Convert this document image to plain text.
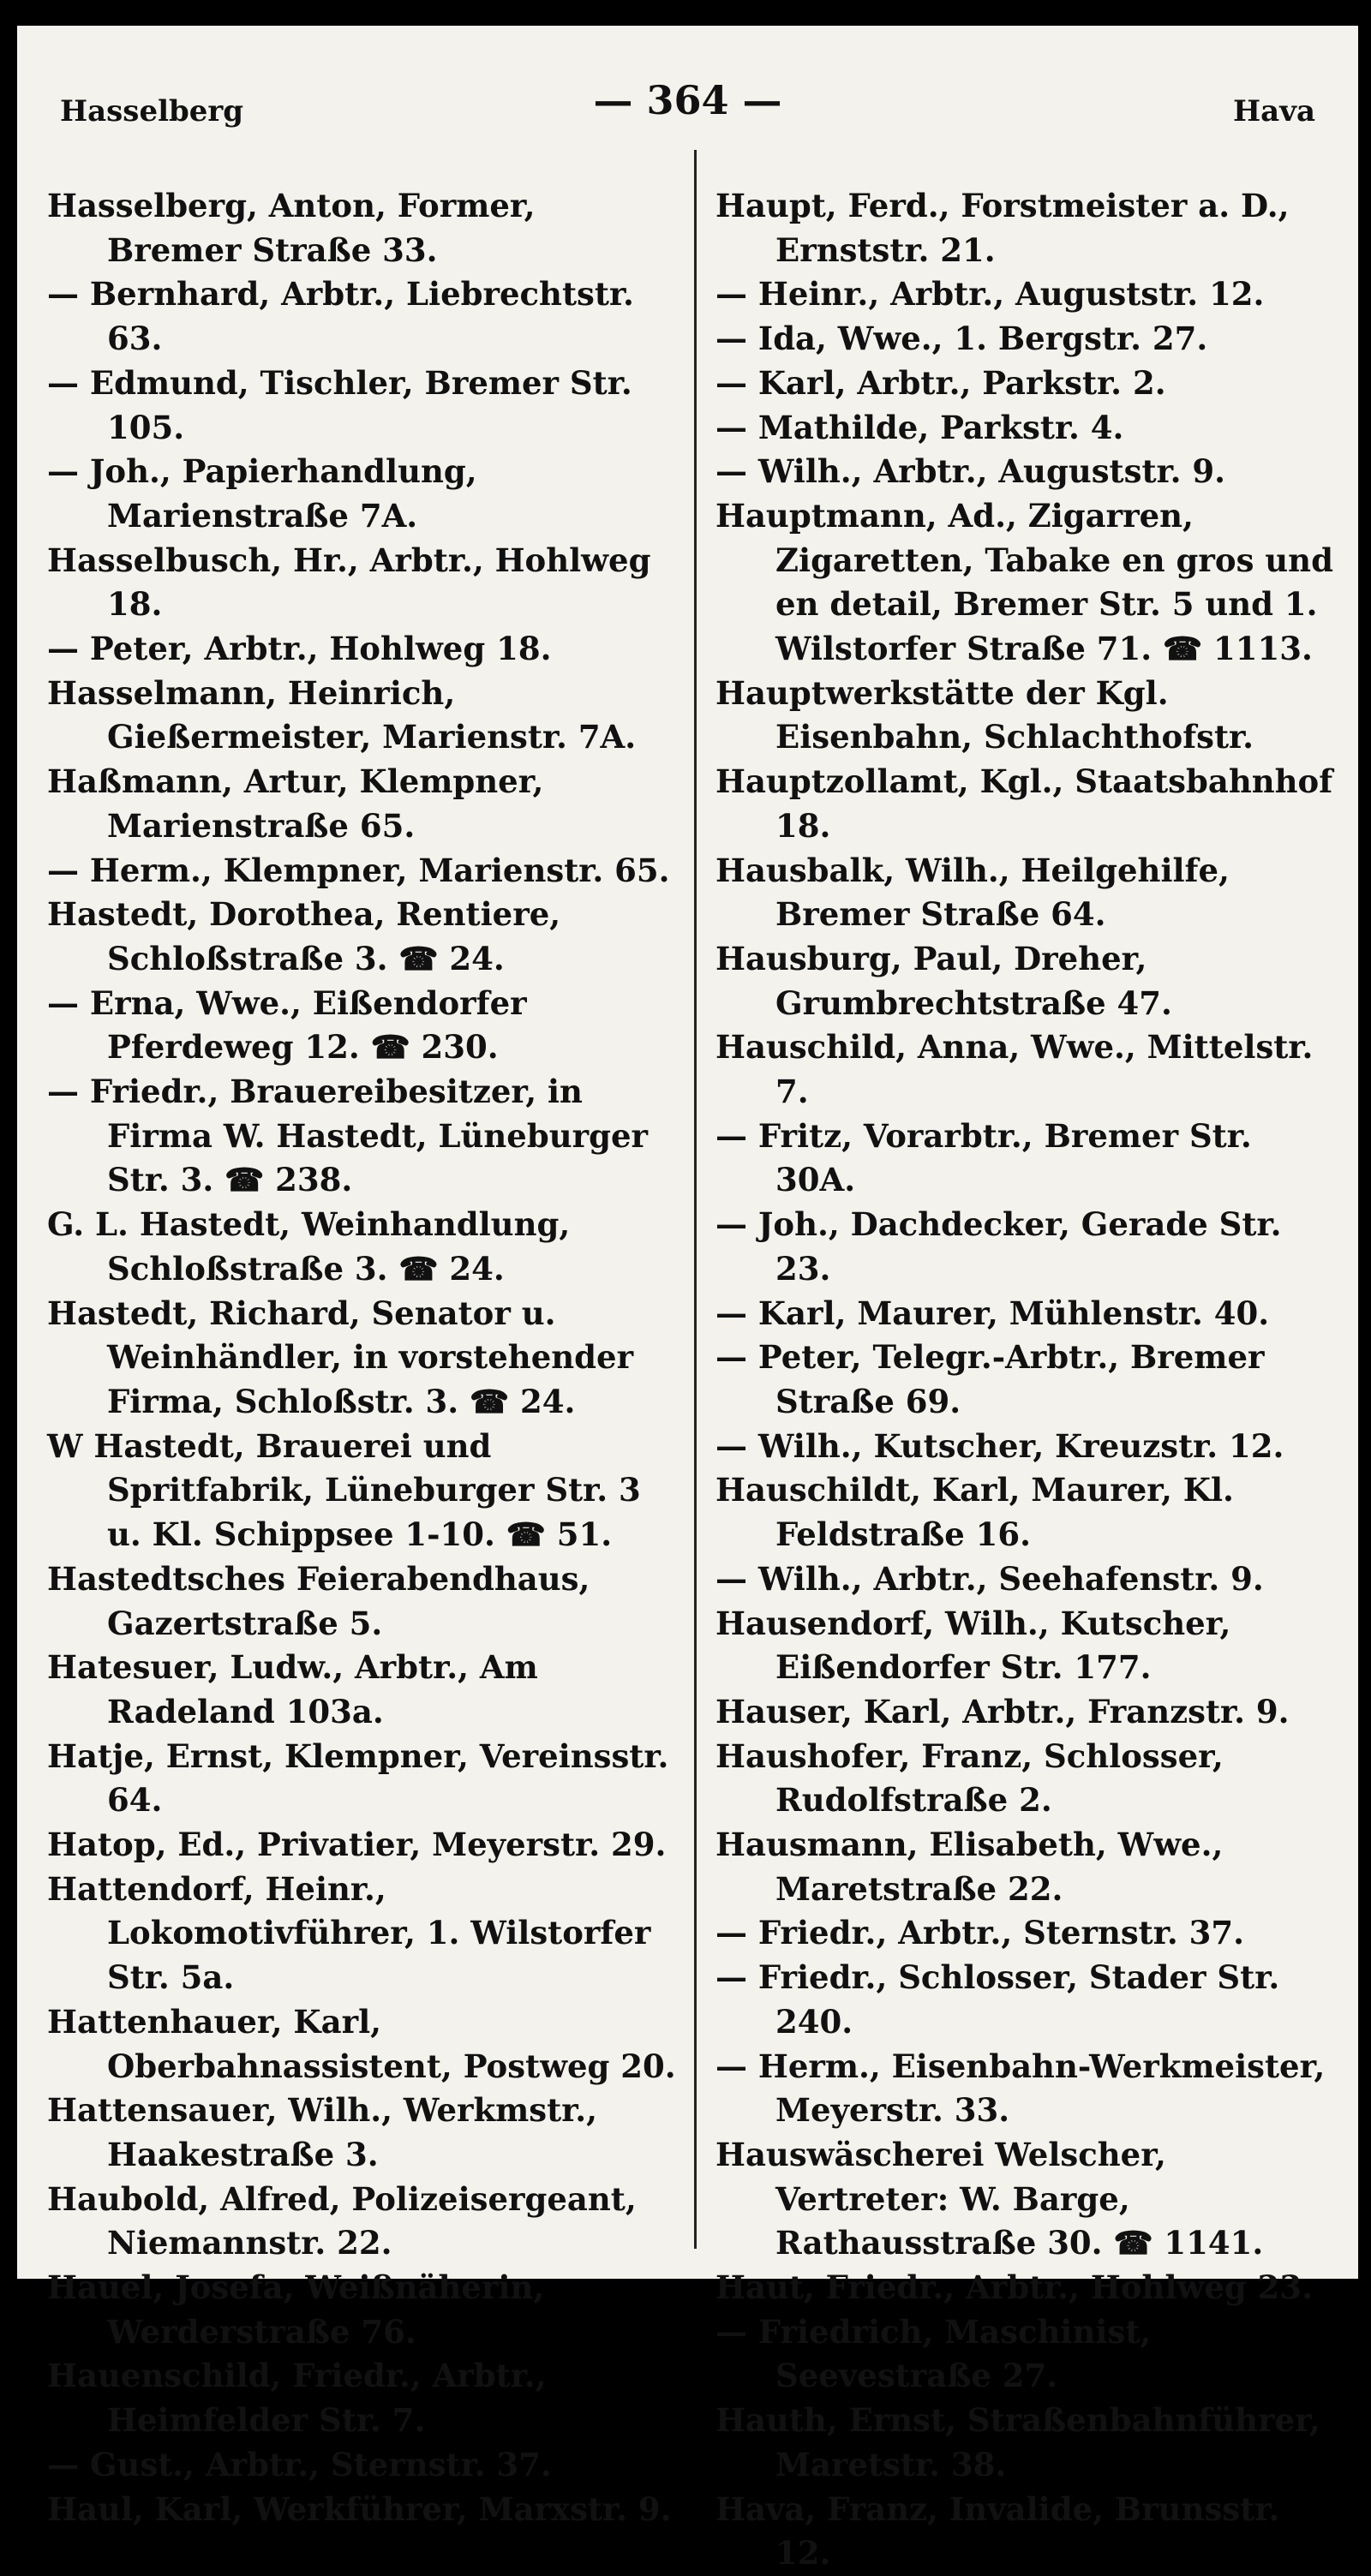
Hasselberg	— 364 —	Hava

Hasselberg, Anton, Former, Bremer Straße 33.

— Bernhard, Arbtr., Liebrechtstr. 63.

— Edmund, Tischler, Bremer Str. 105.

— Joh., Papierhandlung, Marienstraße 7A.

Hasselbusch, Hr., Arbtr., Hohlweg 18.

— Peter, Arbtr., Hohlweg 18.

Hasselmann, Heinrich, Gießermeister, Marienstr. 7A.

Haßmann, Artur, Klempner, Marienstraße 65.

— Herm., Klempner, Marienstr. 65.

Hastedt, Dorothea, Rentiere, Schloßstraße 3. ☎ 24.

— Erna, Wwe., Eißendorfer Pferdeweg 12. ☎ 230.

— Friedr., Brauereibesitzer, in Firma W. Hastedt, Lüneburger Str. 3. ☎ 238.

G. L. Hastedt, Weinhandlung, Schloßstraße 3. ☎ 24.

Hastedt, Richard, Senator u. Weinhändler, in vorstehender Firma, Schloßstr. 3. ☎ 24.

W Hastedt, Brauerei und Spritfabrik, Lüneburger Str. 3 u. Kl. Schippsee 1-10. ☎ 51.

Hastedtsches Feierabendhaus, Gazertstraße 5.

Hatesuer, Ludw., Arbtr., Am Radeland 103a.

Hatje, Ernst, Klempner, Vereinsstr. 64.

Hatop, Ed., Privatier, Meyerstr. 29.

Hattendorf, Heinr., Lokomotivführer, 1. Wilstorfer Str. 5a.

Hattenhauer, Karl, Oberbahnassistent, Postweg 20.

Hattensauer, Wilh., Werkmstr., Haakestraße 3.

Haubold, Alfred, Polizeisergeant, Niemannstr. 22.

Hauel, Josefa, Weißnäherin, Werderstraße 76.

Hauenschild, Friedr., Arbtr., Heimfelder Str. 7.

— Gust., Arbtr., Sternstr. 37.

Haul, Karl, Werkführer, Marxstr. 9.

Haupt, Ferd., Forstmeister a. D., Ernststr. 21.

— Heinr., Arbtr., Auguststr. 12.

— Ida, Wwe., 1. Bergstr. 27.

— Karl, Arbtr., Parkstr. 2.

— Mathilde, Parkstr. 4.

— Wilh., Arbtr., Auguststr. 9.

Hauptmann, Ad., Zigarren, Zigaretten, Tabake en gros und en detail, Bremer Str. 5 und 1. Wilstorfer Straße 71. ☎ 1113.

Hauptwerkstätte der Kgl. Eisenbahn, Schlachthofstr.

Hauptzollamt, Kgl., Staatsbahnhof 18.

Hausbalk, Wilh., Heilgehilfe, Bremer Straße 64.

Hausburg, Paul, Dreher, Grumbrechtstraße 47.

Hauschild, Anna, Wwe., Mittelstr. 7.

— Fritz, Vorarbtr., Bremer Str. 30A.

— Joh., Dachdecker, Gerade Str. 23.

— Karl, Maurer, Mühlenstr. 40.

— Peter, Telegr.-Arbtr., Bremer Straße 69.

— Wilh., Kutscher, Kreuzstr. 12.

Hauschildt, Karl, Maurer, Kl. Feldstraße 16.

— Wilh., Arbtr., Seehafenstr. 9.

Hausendorf, Wilh., Kutscher, Eißendorfer Str. 177.

Hauser, Karl, Arbtr., Franzstr. 9.

Haushofer, Franz, Schlosser, Rudolfstraße 2.

Hausmann, Elisabeth, Wwe., Maretstraße 22.

— Friedr., Arbtr., Sternstr. 37.

— Friedr., Schlosser, Stader Str. 240.

— Herm., Eisenbahn-Werkmeister, Meyerstr. 33.

Hauswäscherei Welscher, Vertreter: W. Barge, Rathausstraße 30. ☎ 1141.

Haut, Friedr., Arbtr., Hohlweg 23.

— Friedrich, Maschinist, Seevestraße 27.

Hauth, Ernst, Straßenbahnführer, Maretstr. 38.

Hava, Franz, Invalide, Brunsstr. 12.
